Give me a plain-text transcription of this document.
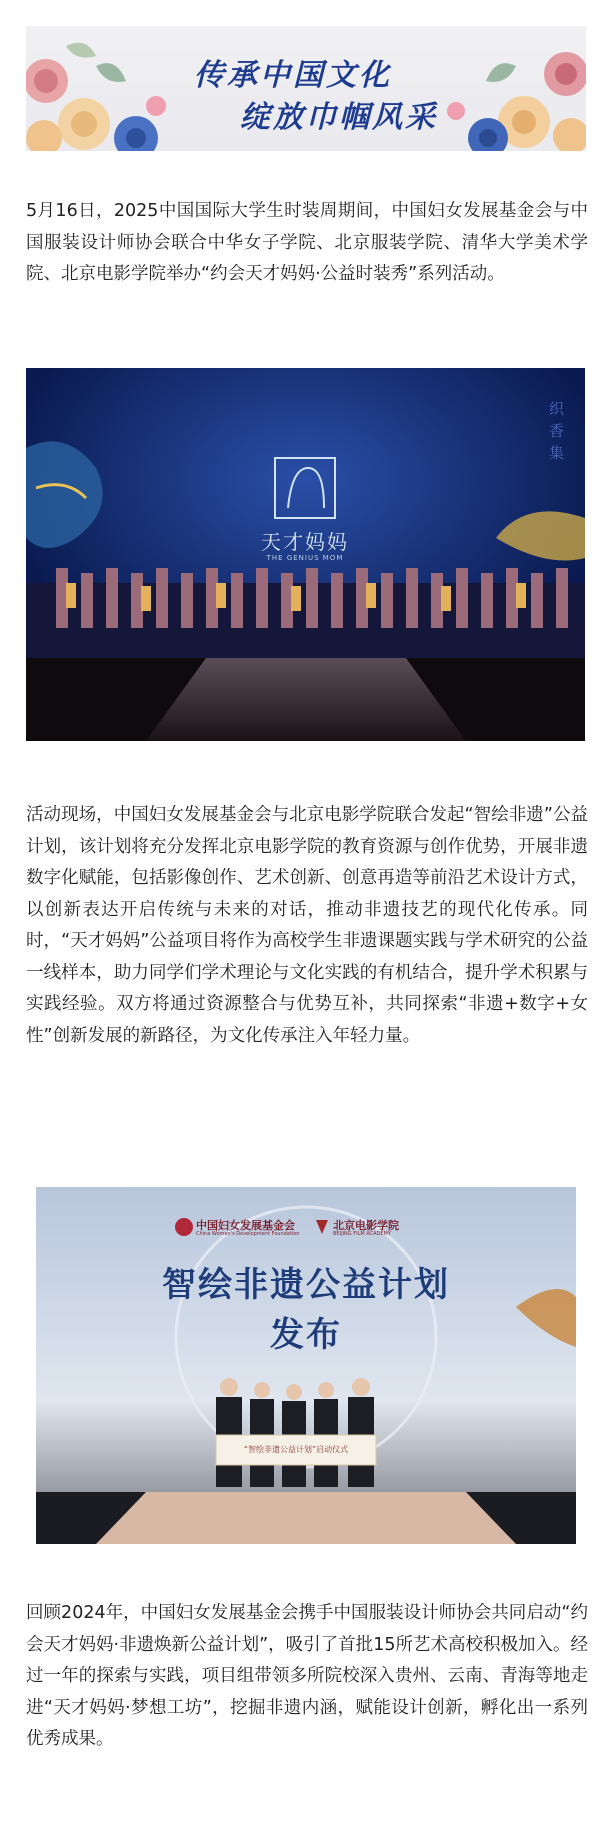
传承中国文化
绽放巾帼风采

5月16日，2025中国国际大学生时装周期间，中国妇女发展基金会与中国服装设计师协会联合中华女子学院、北京服装学院、清华大学美术学院、北京电影学院举办“约会天才妈妈·公益时装秀”系列活动。

天才妈妈
THE GENIUS MOM
织 香 集

活动现场，中国妇女发展基金会与北京电影学院联合发起“智绘非遗”公益计划，该计划将充分发挥北京电影学院的教育资源与创作优势，开展非遗数字化赋能，包括影像创作、艺术创新、创意再造等前沿艺术设计方式，以创新表达开启传统与未来的对话，推动非遗技艺的现代化传承。同时，“天才妈妈”公益项目将作为高校学生非遗课题实践与学术研究的公益一线样本，助力同学们学术理论与文化实践的有机结合，提升学术积累与实践经验。双方将通过资源整合与优势互补，共同探索“非遗+数字+女性”创新发展的新路径，为文化传承注入年轻力量。

中国妇女发展基金会
China Women's Development Foundation
北京电影学院
BEIJING FILM ACADEMY
智绘非遗公益计划
发布
“智绘非遗公益计划”启动仪式

回顾2024年，中国妇女发展基金会携手中国服装设计师协会共同启动“约会天才妈妈·非遗焕新公益计划”，吸引了首批15所艺术高校积极加入。经过一年的探索与实践，项目组带领多所院校深入贵州、云南、青海等地走进“天才妈妈·梦想工坊”，挖掘非遗内涵，赋能设计创新，孵化出一系列优秀成果。
